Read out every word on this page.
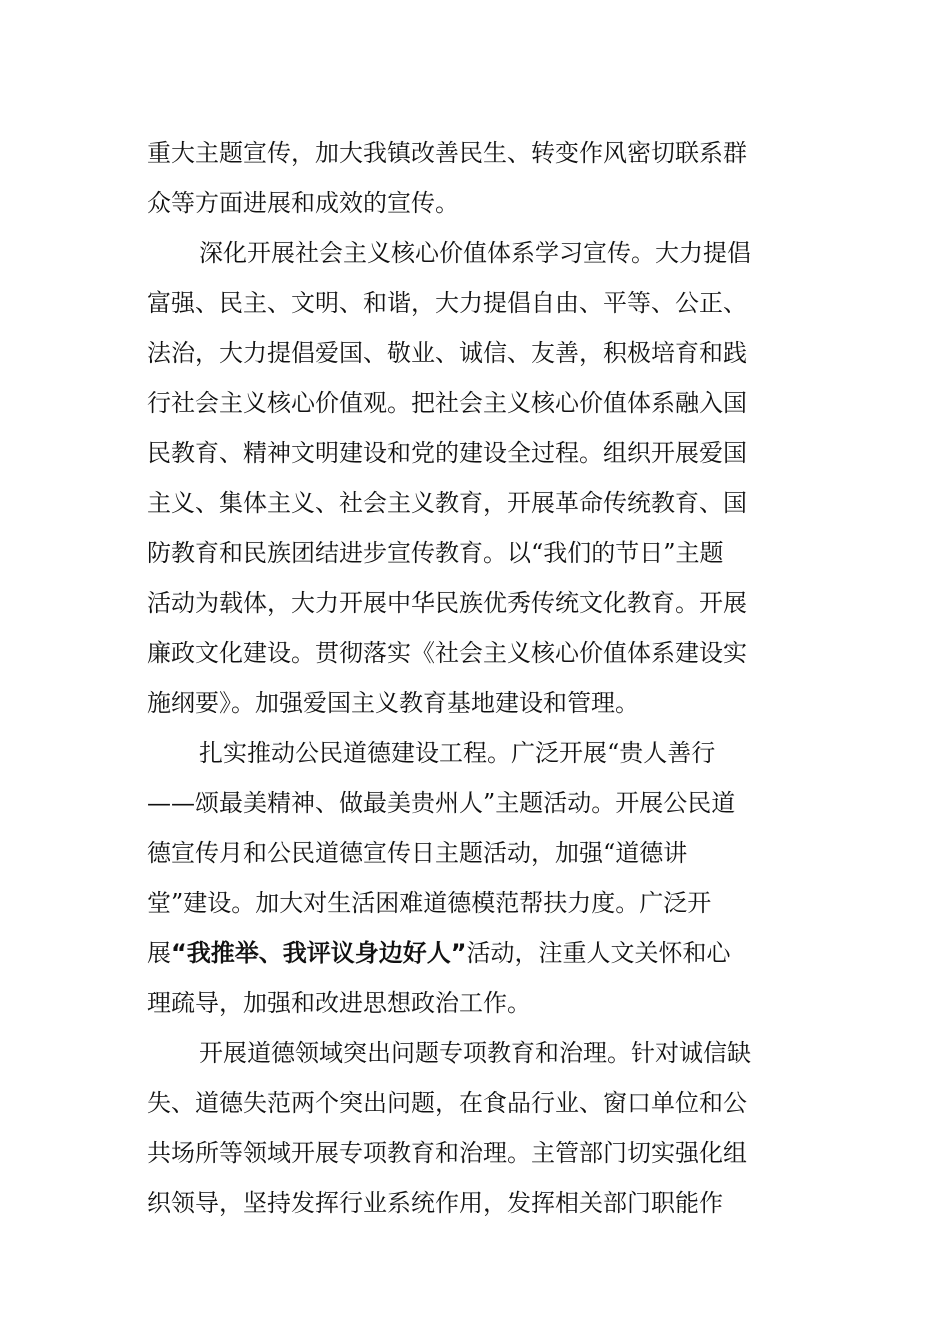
重大主题宣传，加大我镇改善民生、转变作风密切联系群
众等方面进展和成效的宣传。
深化开展社会主义核心价值体系学习宣传。大力提倡
富强、民主、文明、和谐，大力提倡自由、平等、公正、
法治，大力提倡爱国、敬业、诚信、友善，积极培育和践
行社会主义核心价值观。把社会主义核心价值体系融入国
民教育、精神文明建设和党的建设全过程。组织开展爱国
主义、集体主义、社会主义教育，开展革命传统教育、国
防教育和民族团结进步宣传教育。以“我们的节日”主题
活动为载体，大力开展中华民族优秀传统文化教育。开展
廉政文化建设。贯彻落实《社会主义核心价值体系建设实
施纲要》。加强爱国主义教育基地建设和管理。
扎实推动公民道德建设工程。广泛开展“贵人善行
——颂最美精神、做最美贵州人”主题活动。开展公民道
德宣传月和公民道德宣传日主题活动，加强“道德讲
堂”建设。加大对生活困难道德模范帮扶力度。广泛开
展“我推举、我评议身边好人”活动，注重人文关怀和心
理疏导，加强和改进思想政治工作。
开展道德领域突出问题专项教育和治理。针对诚信缺
失、道德失范两个突出问题，在食品行业、窗口单位和公
共场所等领域开展专项教育和治理。主管部门切实强化组
织领导，坚持发挥行业系统作用，发挥相关部门职能作
